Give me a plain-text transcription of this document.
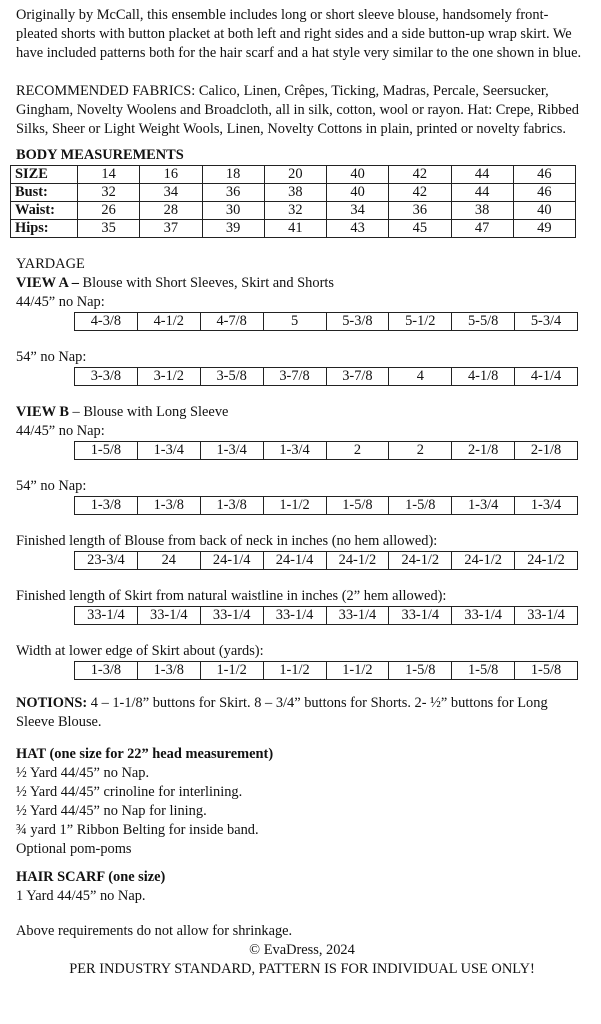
Originally by McCall, this ensemble includes long or short sleeve blouse, handsomely front-pleated shorts with button placket at both left and right sides and a side button-up wrap skirt. We have included patterns both for the hair scarf and a hat style very similar to the one shown in blue.

RECOMMENDED FABRICS: Calico, Linen, Crêpes, Ticking, Madras, Percale, Seersucker, Gingham, Novelty Woolens and Broadcloth, all in silk, cotton, wool or rayon. Hat: Crepe, Ribbed Silks, Sheer or Light Weight Wools, Linen, Novelty Cottons in plain, printed or novelty fabrics.

BODY MEASUREMENTS

SIZE	14	16	18	20	40	42	44	46
Bust:	32	34	36	38	40	42	44	46
Waist:	26	28	30	32	34	36	38	40
Hips:	35	37	39	41	43	45	47	49

YARDAGE

VIEW A – Blouse with Short Sleeves, Skirt and Shorts

44/45” no Nap:

4-3/8	4-1/2	4-7/8	5	5-3/8	5-1/2	5-5/8	5-3/4

54” no Nap:

3-3/8	3-1/2	3-5/8	3-7/8	3-7/8	4	4-1/8	4-1/4

VIEW B – Blouse with Long Sleeve

44/45” no Nap:

1-5/8	1-3/4	1-3/4	1-3/4	2	2	2-1/8	2-1/8

54” no Nap:

1-3/8	1-3/8	1-3/8	1-1/2	1-5/8	1-5/8	1-3/4	1-3/4

Finished length of Blouse from back of neck in inches (no hem allowed):

23-3/4	24	24-1/4	24-1/4	24-1/2	24-1/2	24-1/2	24-1/2

Finished length of Skirt from natural waistline in inches (2” hem allowed):

33-1/4	33-1/4	33-1/4	33-1/4	33-1/4	33-1/4	33-1/4	33-1/4

Width at lower edge of Skirt about (yards):

1-3/8	1-3/8	1-1/2	1-1/2	1-1/2	1-5/8	1-5/8	1-5/8

NOTIONS: 4 – 1-1/8” buttons for Skirt. 8 – 3/4” buttons for Shorts. 2- ½” buttons for Long Sleeve Blouse.

HAT (one size for 22” head measurement)

½ Yard 44/45” no Nap.

½ Yard 44/45” crinoline for interlining.

½ Yard 44/45” no Nap for lining.

¾ yard 1” Ribbon Belting for inside band.

Optional pom-poms

HAIR SCARF (one size)

1 Yard 44/45” no Nap.

Above requirements do not allow for shrinkage.

© EvaDress, 2024

PER INDUSTRY STANDARD, PATTERN IS FOR INDIVIDUAL USE ONLY!
